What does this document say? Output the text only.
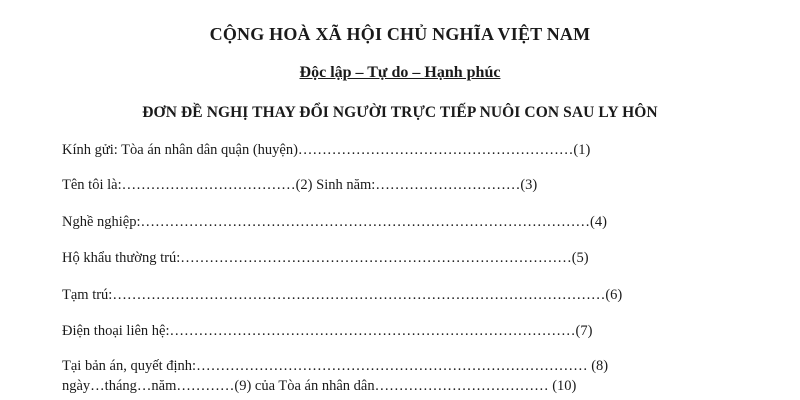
CỘNG HOÀ XÃ HỘI CHỦ NGHĨA VIỆT NAM
Độc lập – Tự do – Hạnh phúc
ĐƠN ĐỀ NGHỊ THAY ĐỔI NGƯỜI TRỰC TIẾP NUÔI CON SAU LY HÔN
Kính gửi: Tòa án nhân dân quận (huyện)…………………………………………………(1)
Tên tôi là:………………………………(2) Sinh năm:…………………………(3)
Nghề nghiệp:…………………………………………………………………………………(4)
Hộ khẩu thường trú:………………………………………………………………………(5)
Tạm trú:…………………………………………………………………………………………(6)
Điện thoại liên hệ:…………………………………………………………………………(7)
Tại bản án, quyết định:……………………………………………………………………… (8)
ngày…tháng…năm…………(9) của Tòa án nhân dân……………………………… (10)
